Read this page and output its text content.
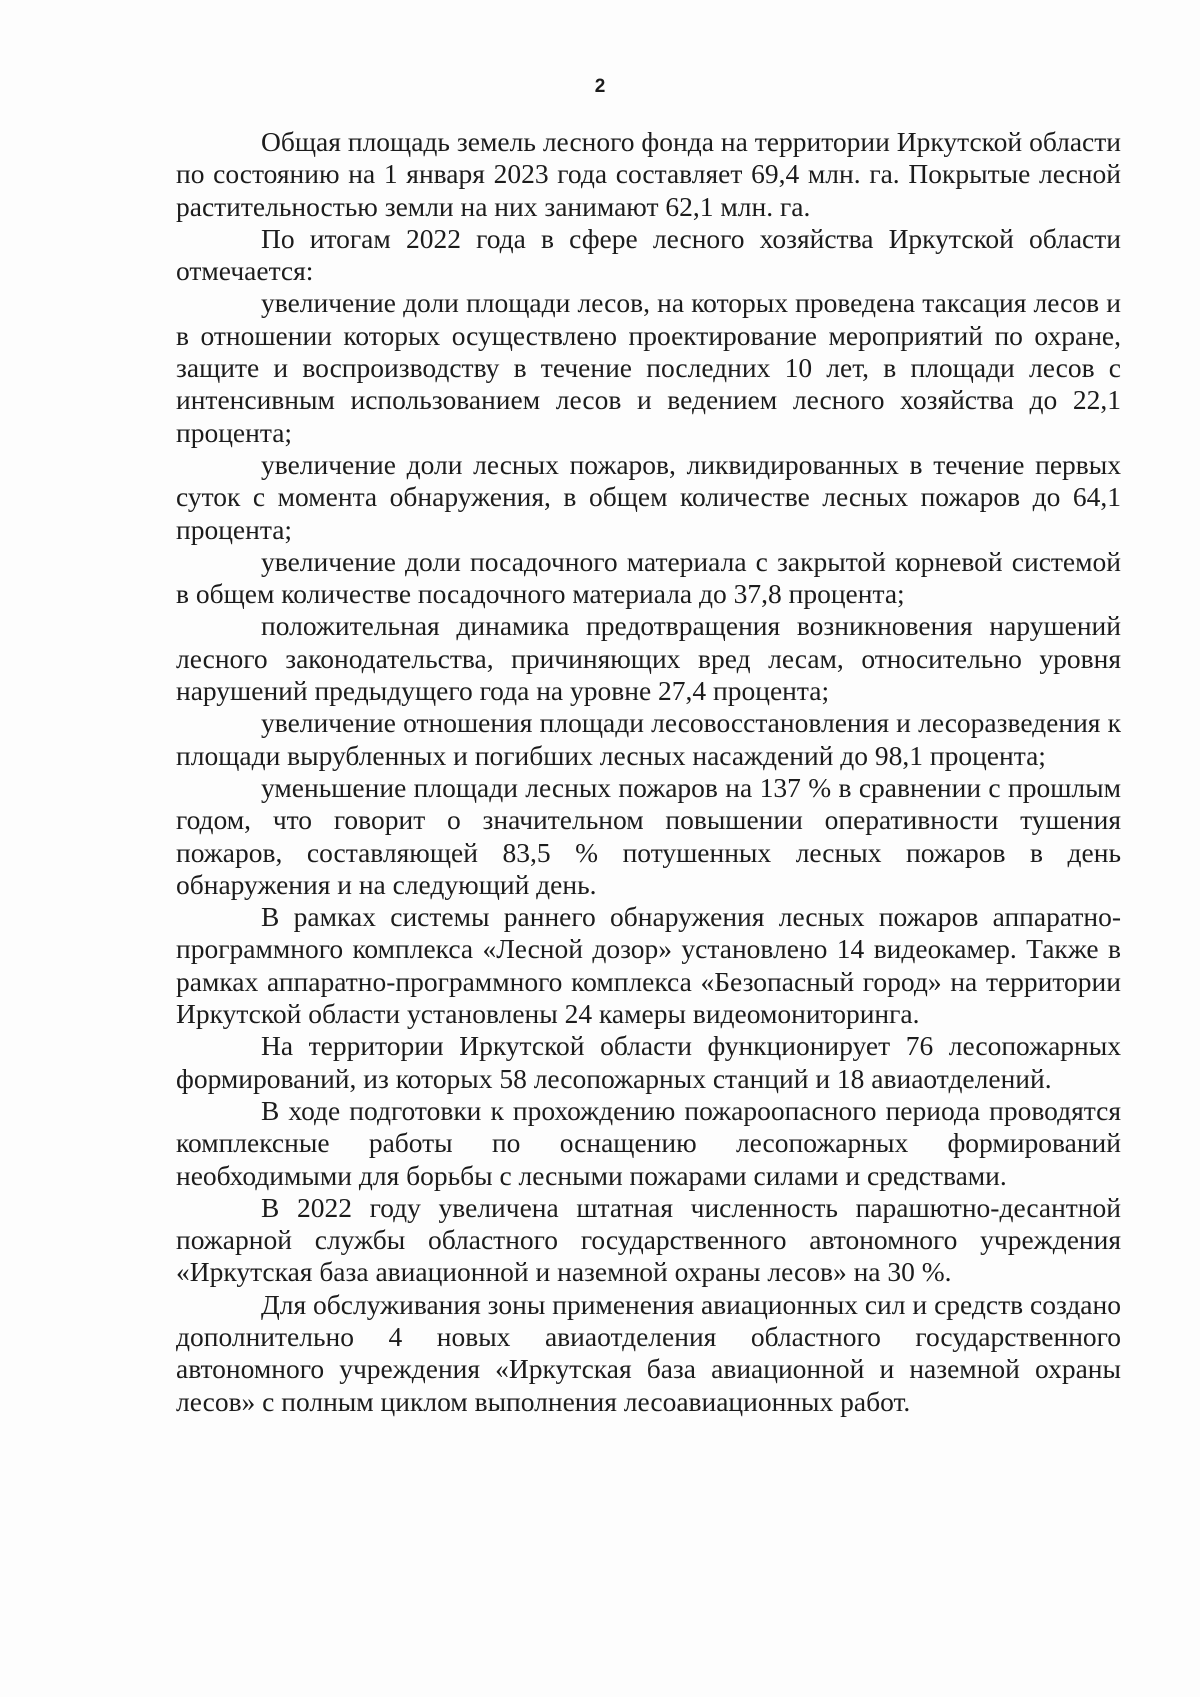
2

Общая площадь земель лесного фонда на территории Иркутской области по состоянию на 1 января 2023 года составляет 69,4 млн. га. Покрытые лесной растительностью земли на них занимают 62,1 млн. га.

По итогам 2022 года в сфере лесного хозяйства Иркутской области отмечается:

увеличение доли площади лесов, на которых проведена таксация лесов и в отношении которых осуществлено проектирование мероприятий по охране, защите и воспроизводству в течение последних 10 лет, в площади лесов с интенсивным использованием лесов и ведением лесного хозяйства до 22,1 процента;

увеличение доли лесных пожаров, ликвидированных в течение первых суток с момента обнаружения, в общем количестве лесных пожаров до 64,1 процента;

увеличение доли посадочного материала с закрытой корневой системой в общем количестве посадочного материала до 37,8 процента;

положительная динамика предотвращения возникновения нарушений лесного законодательства, причиняющих вред лесам, относительно уровня нарушений предыдущего года на уровне 27,4 процента;

увеличение отношения площади лесовосстановления и лесоразведения к площади вырубленных и погибших лесных насаждений до 98,1 процента;

уменьшение площади лесных пожаров на 137 % в сравнении с прошлым годом, что говорит о значительном повышении оперативности тушения пожаров, составляющей 83,5 % потушенных лесных пожаров в день обнаружения и на следующий день.

В рамках системы раннего обнаружения лесных пожаров аппаратно-программного комплекса «Лесной дозор» установлено 14 видеокамер. Также в рамках аппаратно-программного комплекса «Безопасный город» на территории Иркутской области установлены 24 камеры видеомониторинга.

На территории Иркутской области функционирует 76 лесопожарных формирований, из которых 58 лесопожарных станций и 18 авиаотделений.

В ходе подготовки к прохождению пожароопасного периода проводятся комплексные работы по оснащению лесопожарных формирований необходимыми для борьбы с лесными пожарами силами и средствами.

В 2022 году увеличена штатная численность парашютно-десантной пожарной службы областного государственного автономного учреждения «Иркутская база авиационной и наземной охраны лесов» на 30 %.

Для обслуживания зоны применения авиационных сил и средств создано дополнительно 4 новых авиаотделения областного государственного автономного учреждения «Иркутская база авиационной и наземной охраны лесов» с полным циклом выполнения лесоавиационных работ.
